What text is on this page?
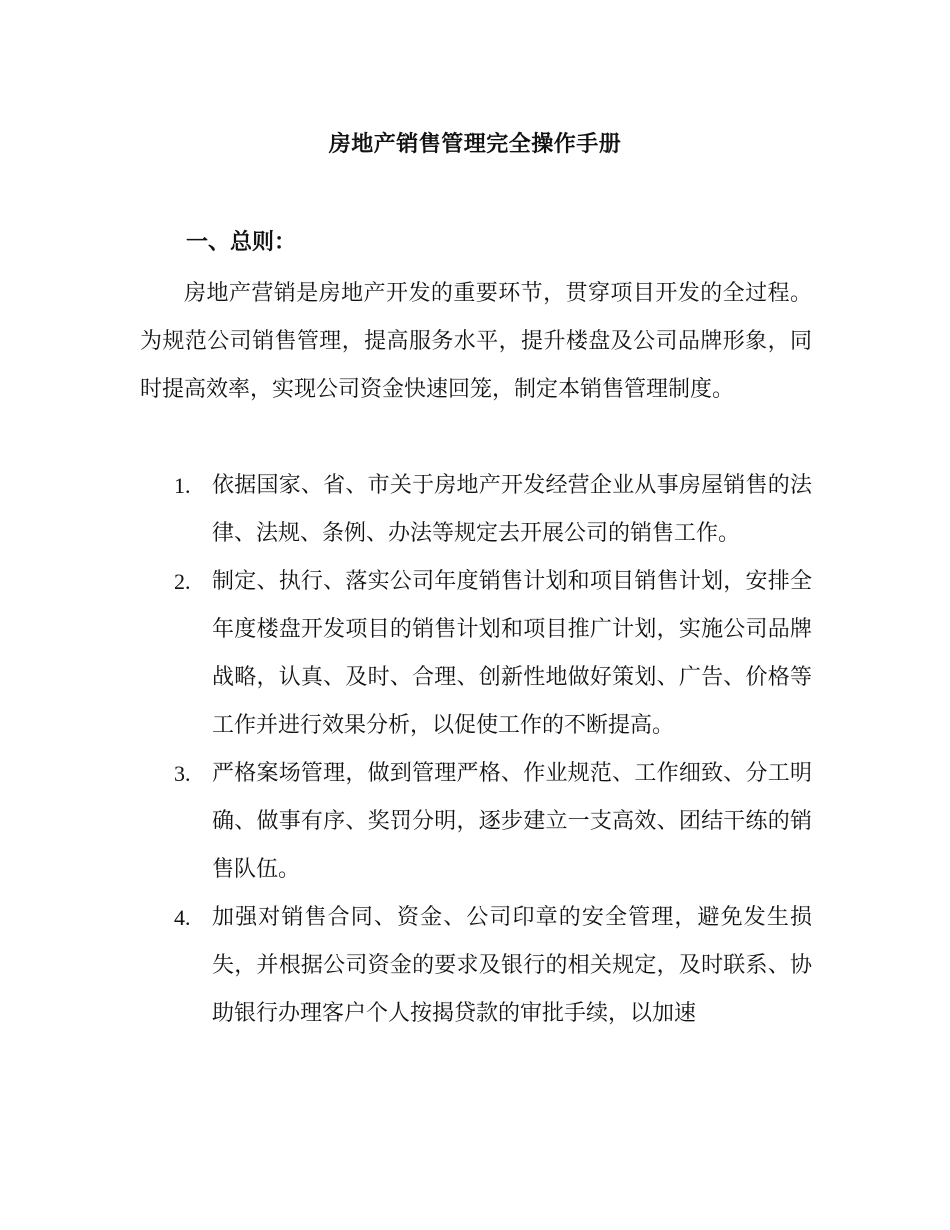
房地产销售管理完全操作手册
一、总则：

房地产营销是房地产开发的重要环节，贯穿项目开发的全过程。为规范公司销售管理，提高服务水平，提升楼盘及公司品牌形象，同时提高效率，实现公司资金快速回笼，制定本销售管理制度。

1. 依据国家、省、市关于房地产开发经营企业从事房屋销售的法律、法规、条例、办法等规定去开展公司的销售工作。
2. 制定、执行、落实公司年度销售计划和项目销售计划，安排全年度楼盘开发项目的销售计划和项目推广计划，实施公司品牌战略，认真、及时、合理、创新性地做好策划、广告、价格等工作并进行效果分析，以促使工作的不断提高。
3. 严格案场管理，做到管理严格、作业规范、工作细致、分工明确、做事有序、奖罚分明，逐步建立一支高效、团结干练的销售队伍。
4. 加强对销售合同、资金、公司印章的安全管理，避免发生损失，并根据公司资金的要求及银行的相关规定，及时联系、协助银行办理客户个人按揭贷款的审批手续，以加速
